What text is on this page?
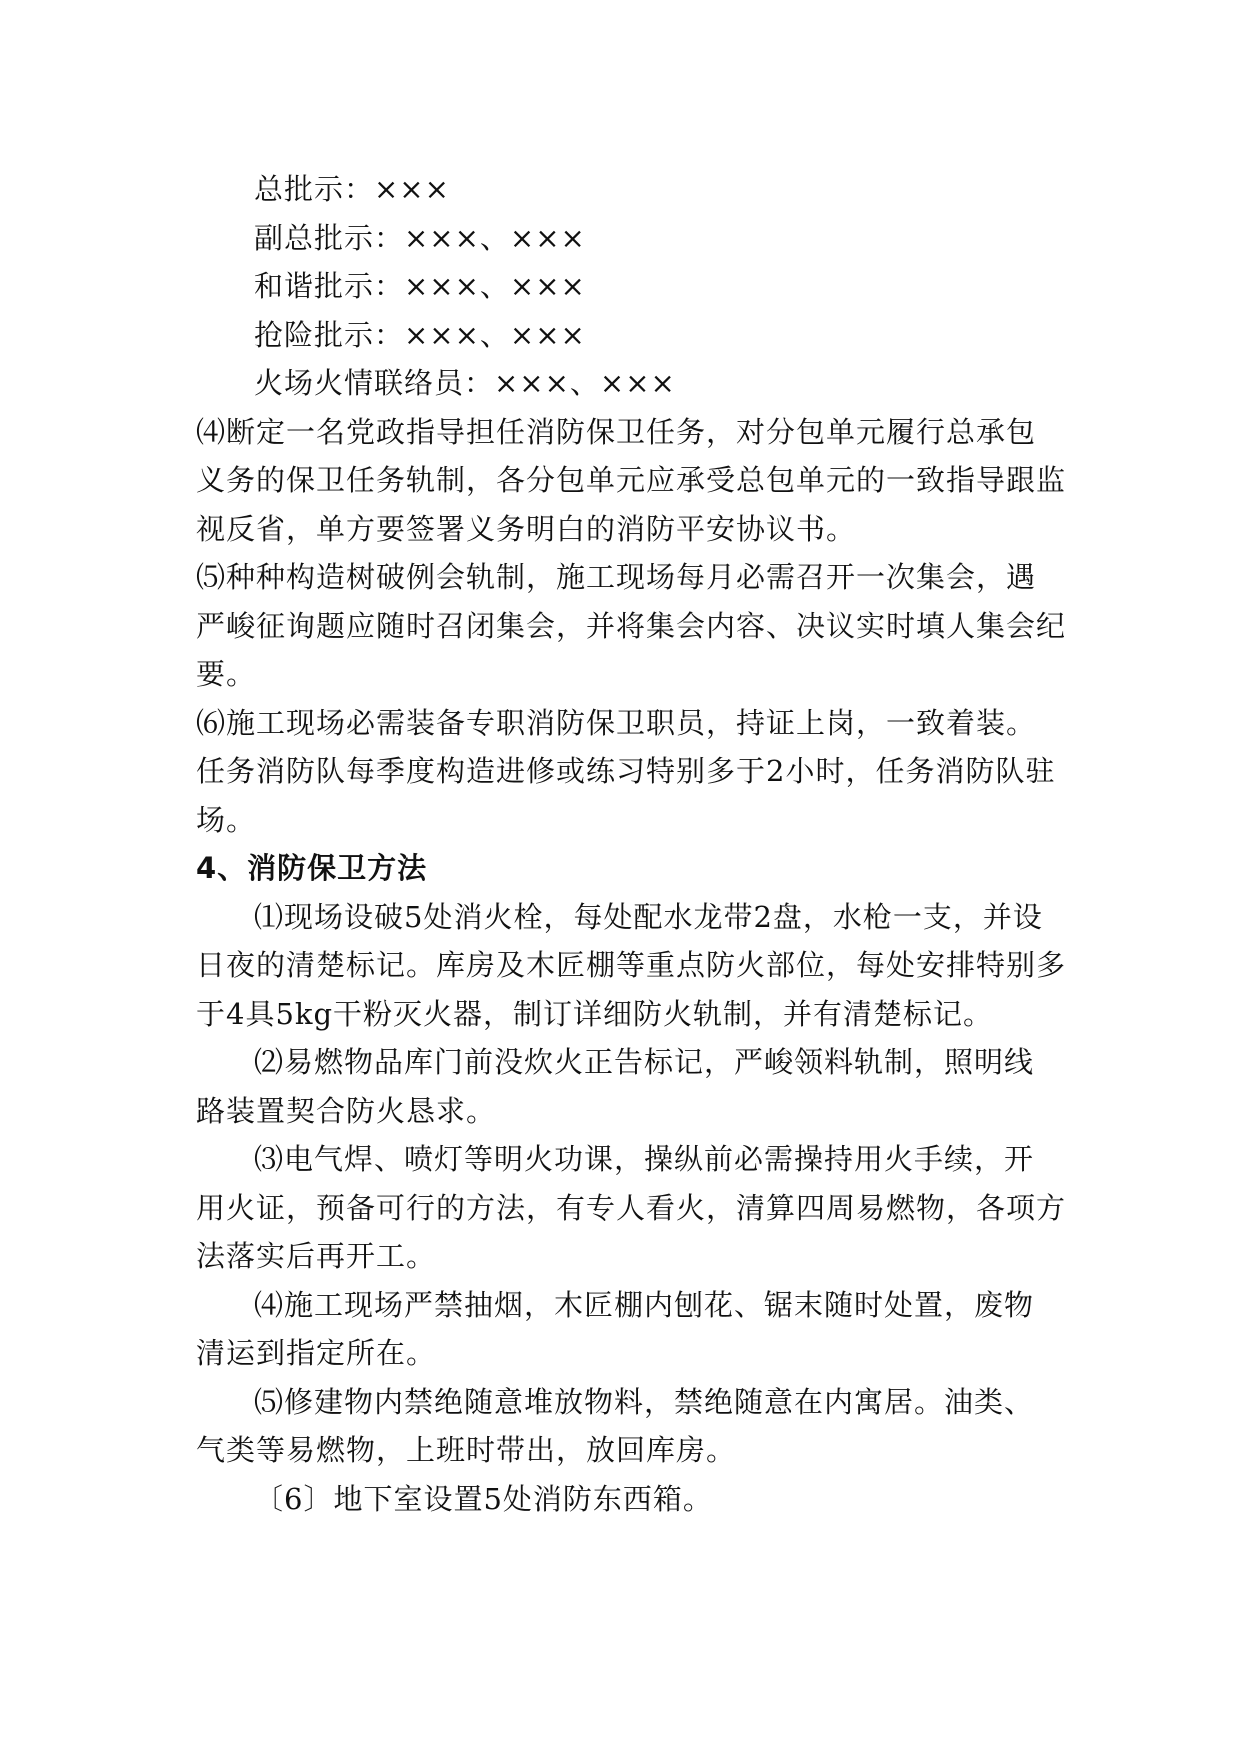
总批示：×××
副总批示：×××、×××
和谐批示：×××、×××
抢险批示：×××、×××
火场火情联络员：×××、×××
⑷断定一名党政指导担任消防保卫任务，对分包单元履行总承包
义务的保卫任务轨制，各分包单元应承受总包单元的一致指导跟监
视反省，单方要签署义务明白的消防平安协议书。
⑸种种构造树破例会轨制，施工现场每月必需召开一次集会，遇
严峻征询题应随时召闭集会，并将集会内容、决议实时填人集会纪
要。
⑹施工现场必需装备专职消防保卫职员，持证上岗，一致着装。
任务消防队每季度构造进修或练习特别多于2小时，任务消防队驻
场。
4、消防保卫方法
⑴现场设破5处消火栓，每处配水龙带2盘，水枪一支，并设
日夜的清楚标记。库房及木匠棚等重点防火部位，每处安排特别多
于4具5kg干粉灭火器，制订详细防火轨制，并有清楚标记。
⑵易燃物品库门前没炊火正告标记，严峻领料轨制，照明线
路装置契合防火恳求。
⑶电气焊、喷灯等明火功课，操纵前必需操持用火手续，开
用火证，预备可行的方法，有专人看火，清算四周易燃物，各项方
法落实后再开工。
⑷施工现场严禁抽烟，木匠棚内刨花、锯末随时处置，废物
清运到指定所在。
⑸修建物内禁绝随意堆放物料，禁绝随意在内寓居。油类、
气类等易燃物，上班时带出，放回库房。
〔6〕地下室设置5处消防东西箱。
